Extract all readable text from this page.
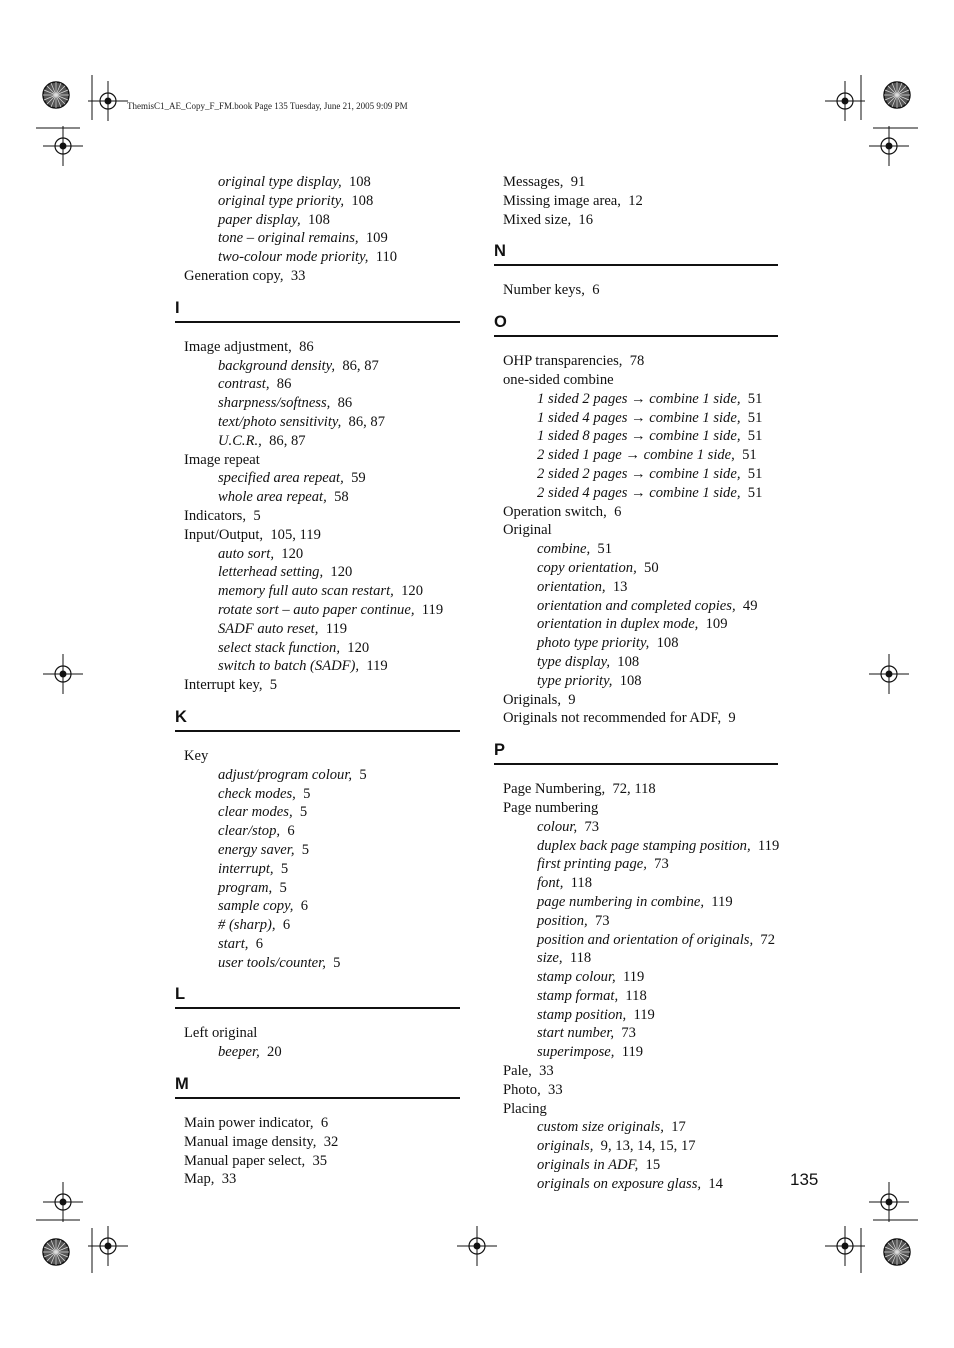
ThemisC1_AE_Copy_F_FM.book Page 135 Tuesday, June 21, 2005 9:09 PM
original type display , 108
original type priority , 108
paper display , 108
tone – original remains , 109
two-colour mode priority , 110
Generation copy , 33
I
Image adjustment , 86
background density , 86, 87
contrast , 86
sharpness/softness , 86
text/photo sensitivity , 86, 87
U.C.R. , 86, 87
Image repeat
specified area repeat , 59
whole area repeat , 58
Indicators , 5
Input/Output , 105, 119
auto sort , 120
letterhead setting , 120
memory full auto scan restart , 120
rotate sort – auto paper continue , 119
SADF auto reset , 119
select stack function , 120
switch to batch (SADF) , 119
Interrupt key , 5
K
Key
adjust/program colour , 5
check modes , 5
clear modes , 5
clear/stop , 6
energy saver , 5
interrupt , 5
program , 5
sample copy , 6
# (sharp) , 6
start , 6
user tools/counter , 5
L
Left original
beeper , 20
M
Main power indicator , 6
Manual image density , 32
Manual paper select , 35
Map , 33
Messages , 91
Missing image area , 12
Mixed size , 16
N
Number keys , 6
O
OHP transparencies , 78
one-sided combine
1 sided 2 pages → combine 1 side , 51
1 sided 4 pages → combine 1 side , 51
1 sided 8 pages → combine 1 side , 51
2 sided 1 page → combine 1 side , 51
2 sided 2 pages → combine 1 side , 51
2 sided 4 pages → combine 1 side , 51
Operation switch , 6
Original
combine , 51
copy orientation , 50
orientation , 13
orientation and completed copies , 49
orientation in duplex mode , 109
photo type priority , 108
type display , 108
type priority , 108
Originals , 9
Originals not recommended for ADF , 9
P
Page Numbering , 72, 118
Page numbering
colour , 73
duplex back page stamping position , 119
first printing page , 73
font , 118
page numbering in combine , 119
position , 73
position and orientation of originals , 72
size , 118
stamp colour , 119
stamp format , 118
stamp position , 119
start number , 73
superimpose , 119
Pale , 33
Photo , 33
Placing
custom size originals , 17
originals , 9, 13, 14, 15, 17
originals in ADF , 15
originals on exposure glass , 14	135
